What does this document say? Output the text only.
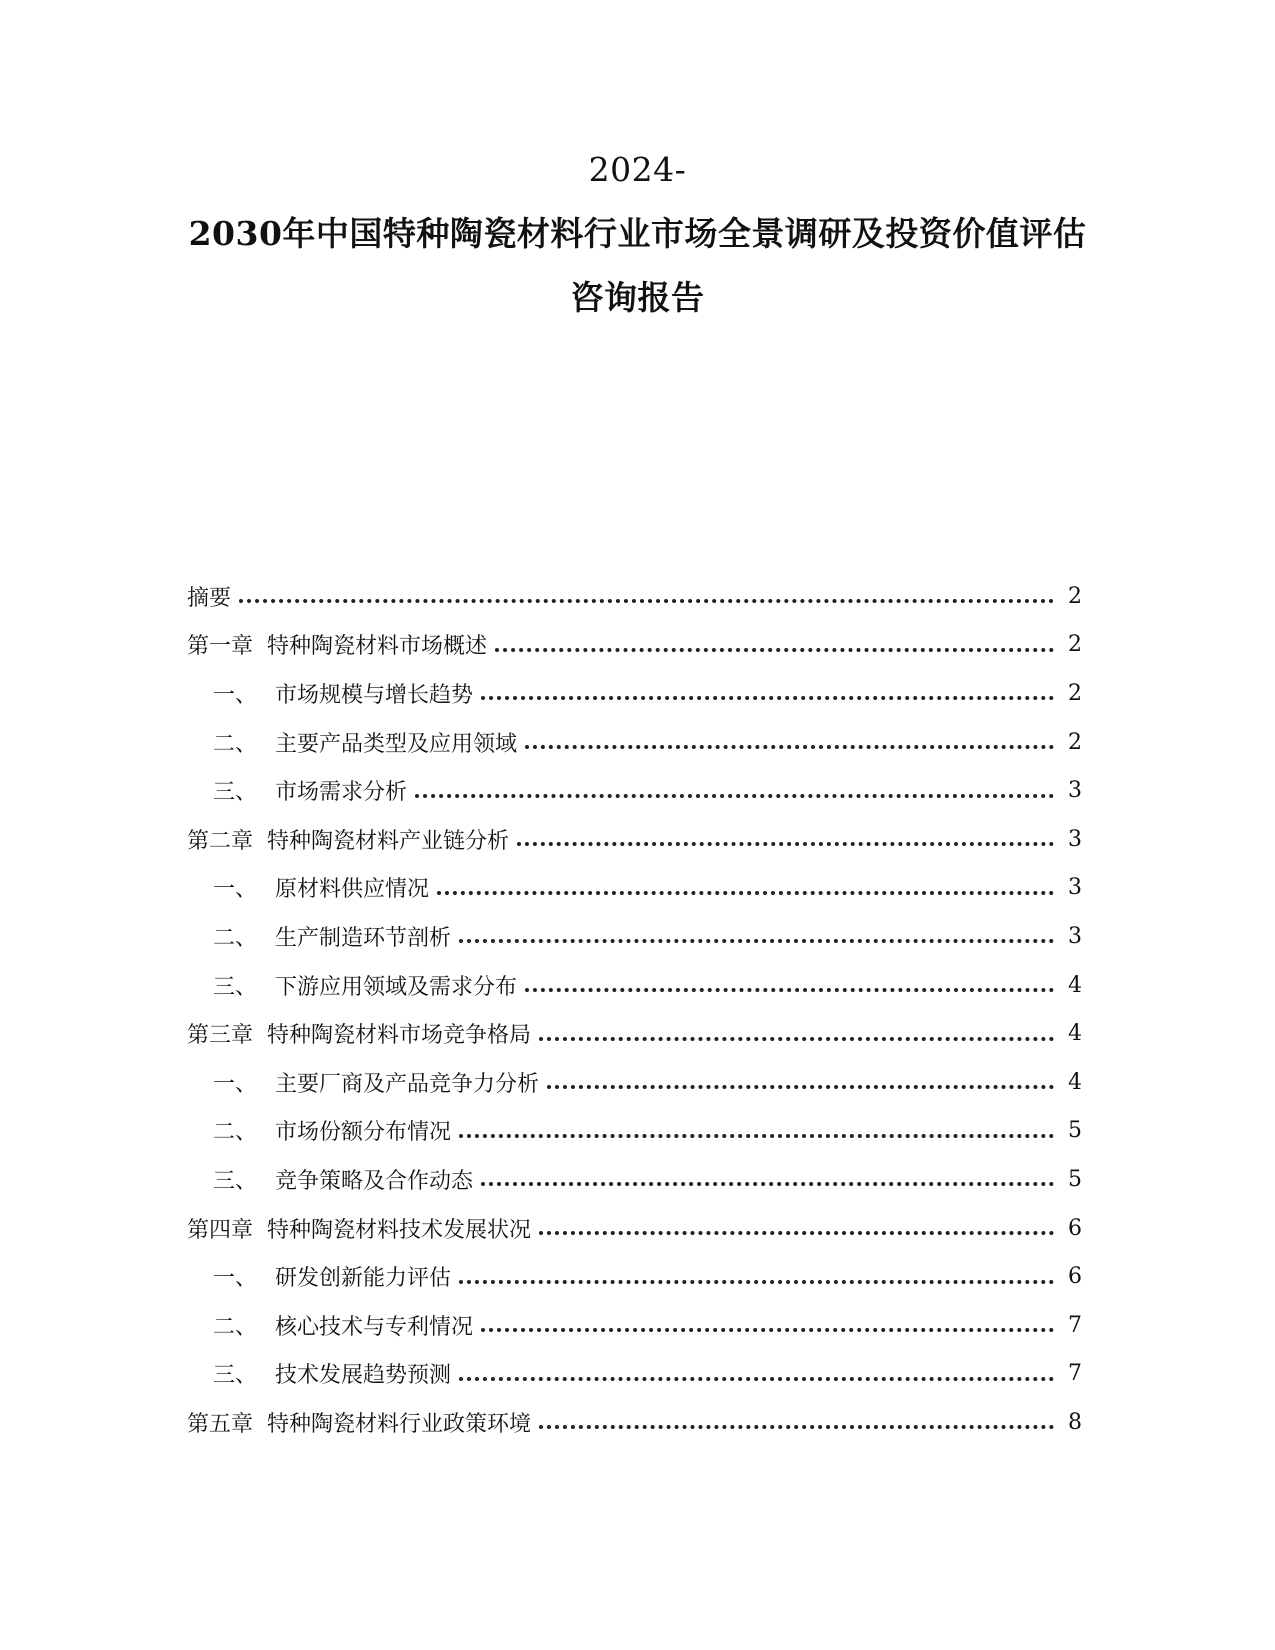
2024-
2030年中国特种陶瓷材料行业市场全景调研及投资价值评估
咨询报告
摘要	2
第一章 特种陶瓷材料市场概述	2
一、 市场规模与增长趋势	2
二、 主要产品类型及应用领域	2
三、 市场需求分析	3
第二章 特种陶瓷材料产业链分析	3
一、 原材料供应情况	3
二、 生产制造环节剖析	3
三、 下游应用领域及需求分布	4
第三章 特种陶瓷材料市场竞争格局	4
一、 主要厂商及产品竞争力分析	4
二、 市场份额分布情况	5
三、 竞争策略及合作动态	5
第四章 特种陶瓷材料技术发展状况	6
一、 研发创新能力评估	6
二、 核心技术与专利情况	7
三、 技术发展趋势预测	7
第五章 特种陶瓷材料行业政策环境	8
